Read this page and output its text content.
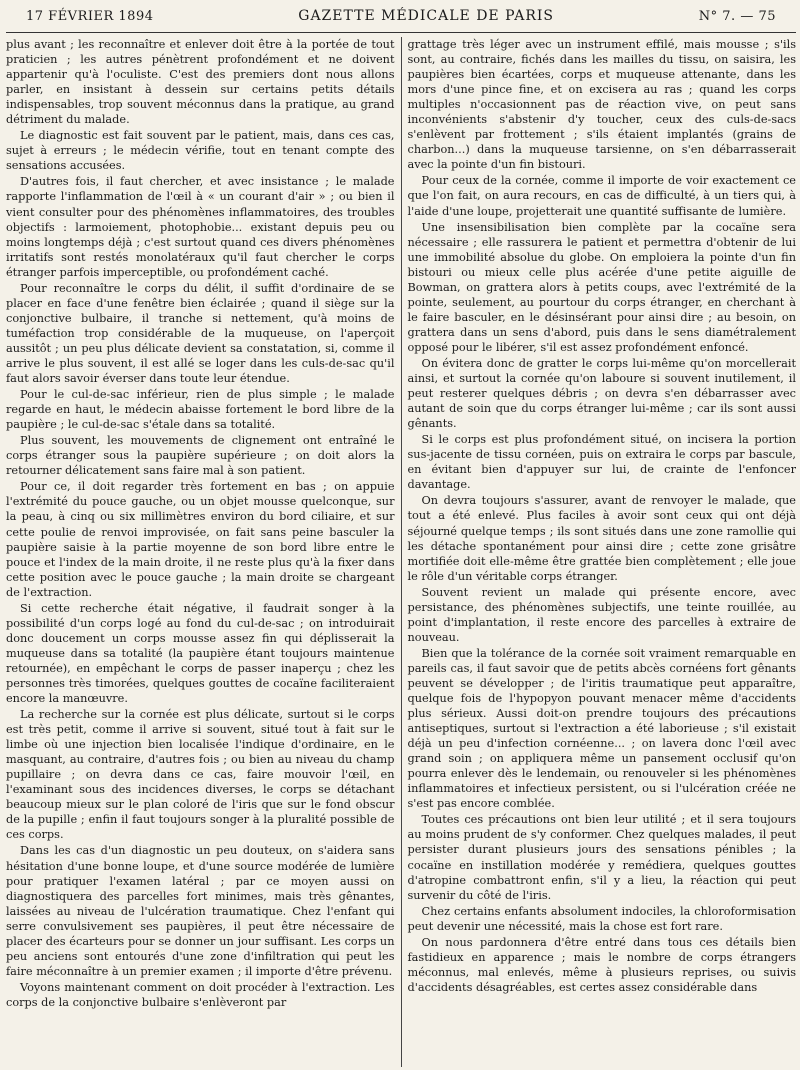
17 FÉVRIER 1894	GAZETTE MÉDICALE DE PARIS	N° 7. — 75

plus avant ; les reconnaître et enlever doit être à la portée de tout praticien ; les autres pénètrent profondément et ne doivent appartenir qu'à l'oculiste. C'est des premiers dont nous allons parler, en insistant à dessein sur certains petits détails indispensables, trop souvent méconnus dans la pratique, au grand détriment du malade.

Le diagnostic est fait souvent par le patient, mais, dans ces cas, sujet à erreurs ; le médecin vérifie, tout en tenant compte des sensations accusées.

D'autres fois, il faut chercher, et avec insistance ; le malade rapporte l'inflammation de l'œil à « un courant d'air » ; ou bien il vient consulter pour des phénomènes inflammatoires, des troubles objectifs : larmoiement, photophobie... existant depuis peu ou moins longtemps déjà ; c'est surtout quand ces divers phénomènes irritatifs sont restés monolatéraux qu'il faut chercher le corps étranger parfois imperceptible, ou profondément caché.

Pour reconnaître le corps du délit, il suffit d'ordinaire de se placer en face d'une fenêtre bien éclairée ; quand il siège sur la conjonctive bulbaire, il tranche si nettement, qu'à moins de tuméfaction trop considérable de la muqueuse, on l'aperçoit aussitôt ; un peu plus délicate devient sa constatation, si, comme il arrive le plus souvent, il est allé se loger dans les culs-de-sac qu'il faut alors savoir éverser dans toute leur étendue.

Pour le cul-de-sac inférieur, rien de plus simple ; le malade regarde en haut, le médecin abaisse fortement le bord libre de la paupière ; le cul-de-sac s'étale dans sa totalité.

Plus souvent, les mouvements de clignement ont entraîné le corps étranger sous la paupière supérieure ; on doit alors la retourner délicatement sans faire mal à son patient.

Pour ce, il doit regarder très fortement en bas ; on appuie l'extrémité du pouce gauche, ou un objet mousse quelconque, sur la peau, à cinq ou six millimètres environ du bord ciliaire, et sur cette poulie de renvoi improvisée, on fait sans peine basculer la paupière saisie à la partie moyenne de son bord libre entre le pouce et l'index de la main droite, il ne reste plus qu'à la fixer dans cette position avec le pouce gauche ; la main droite se chargeant de l'extraction.

Si cette recherche était négative, il faudrait songer à la possibilité d'un corps logé au fond du cul-de-sac ; on introduirait donc doucement un corps mousse assez fin qui déplisserait la muqueuse dans sa totalité (la paupière étant toujours maintenue retournée), en empêchant le corps de passer inaperçu ; chez les personnes très timorées, quelques gouttes de cocaïne faciliteraient encore la manœuvre.

La recherche sur la cornée est plus délicate, surtout si le corps est très petit, comme il arrive si souvent, situé tout à fait sur le limbe où une injection bien localisée l'indique d'ordinaire, en le masquant, au contraire, d'autres fois ; ou bien au niveau du champ pupillaire ; on devra dans ce cas, faire mouvoir l'œil, en l'examinant sous des incidences diverses, le corps se détachant beaucoup mieux sur le plan coloré de l'iris que sur le fond obscur de la pupille ; enfin il faut toujours songer à la pluralité possible de ces corps.

Dans les cas d'un diagnostic un peu douteux, on s'aidera sans hésitation d'une bonne loupe, et d'une source modérée de lumière pour pratiquer l'examen latéral ; par ce moyen aussi on diagnostiquera des parcelles fort minimes, mais très gênantes, laissées au niveau de l'ulcération traumatique. Chez l'enfant qui serre convulsivement ses paupières, il peut être nécessaire de placer des écarteurs pour se donner un jour suffisant. Les corps un peu anciens sont entourés d'une zone d'infiltration qui peut les faire méconnaître à un premier examen ; il importe d'être prévenu.

Voyons maintenant comment on doit procéder à l'extraction. Les corps de la conjonctive bulbaire s'enlèveront par

grattage très léger avec un instrument effilé, mais mousse ; s'ils sont, au contraire, fichés dans les mailles du tissu, on saisira, les paupières bien écartées, corps et muqueuse attenante, dans les mors d'une pince fine, et on excisera au ras ; quand les corps multiples n'occasionnent pas de réaction vive, on peut sans inconvénients s'abstenir d'y toucher, ceux des culs-de-sacs s'enlèvent par frottement ; s'ils étaient implantés (grains de charbon...) dans la muqueuse tarsienne, on s'en débarrasserait avec la pointe d'un fin bistouri.

Pour ceux de la cornée, comme il importe de voir exactement ce que l'on fait, on aura recours, en cas de difficulté, à un tiers qui, à l'aide d'une loupe, projetterait une quantité suffisante de lumière.

Une insensibilisation bien complète par la cocaïne sera nécessaire ; elle rassurera le patient et permettra d'obtenir de lui une immobilité absolue du globe. On emploiera la pointe d'un fin bistouri ou mieux celle plus acérée d'une petite aiguille de Bowman, on grattera alors à petits coups, avec l'extrémité de la pointe, seulement, au pourtour du corps étranger, en cherchant à le faire basculer, en le désinsérant pour ainsi dire ; au besoin, on grattera dans un sens d'abord, puis dans le sens diamétralement opposé pour le libérer, s'il est assez profondément enfoncé.

On évitera donc de gratter le corps lui-même qu'on morcellerait ainsi, et surtout la cornée qu'on laboure si souvent inutilement, il peut resterer quelques débris ; on devra s'en débarrasser avec autant de soin que du corps étranger lui-même ; car ils sont aussi gênants.

Si le corps est plus profondément situé, on incisera la portion sus-jacente de tissu cornéen, puis on extraira le corps par bascule, en évitant bien d'appuyer sur lui, de crainte de l'enfoncer davantage.

On devra toujours s'assurer, avant de renvoyer le malade, que tout a été enlevé. Plus faciles à avoir sont ceux qui ont déjà séjourné quelque temps ; ils sont situés dans une zone ramollie qui les détache spontanément pour ainsi dire ; cette zone grisâtre mortifiée doit elle-même être grattée bien complètement ; elle joue le rôle d'un véritable corps étranger.

Souvent revient un malade qui présente encore, avec persistance, des phénomènes subjectifs, une teinte rouillée, au point d'implantation, il reste encore des parcelles à extraire de nouveau.

Bien que la tolérance de la cornée soit vraiment remarquable en pareils cas, il faut savoir que de petits abcès cornéens fort gênants peuvent se développer ; de l'iritis traumatique peut apparaître, quelque fois de l'hypopyon pouvant menacer même d'accidents plus sérieux. Aussi doit-on prendre toujours des précautions antiseptiques, surtout si l'extraction a été laborieuse ; s'il existait déjà un peu d'infection cornéenne... ; on lavera donc l'œil avec grand soin ; on appliquera même un pansement occlusif qu'on pourra enlever dès le lendemain, ou renouveler si les phénomènes inflammatoires et infectieux persistent, ou si l'ulcération créée ne s'est pas encore comblée.

Toutes ces précautions ont bien leur utilité ; et il sera toujours au moins prudent de s'y conformer. Chez quelques malades, il peut persister durant plusieurs jours des sensations pénibles ; la cocaïne en instillation modérée y remédiera, quelques gouttes d'atropine combattront enfin, s'il y a lieu, la réaction qui peut survenir du côté de l'iris.

Chez certains enfants absolument indociles, la chloroformisation peut devenir une nécessité, mais la chose est fort rare.

On nous pardonnera d'être entré dans tous ces détails bien fastidieux en apparence ; mais le nombre de corps étrangers méconnus, mal enlevés, même à plusieurs reprises, ou suivis d'accidents désagréables, est certes assez considérable dans
